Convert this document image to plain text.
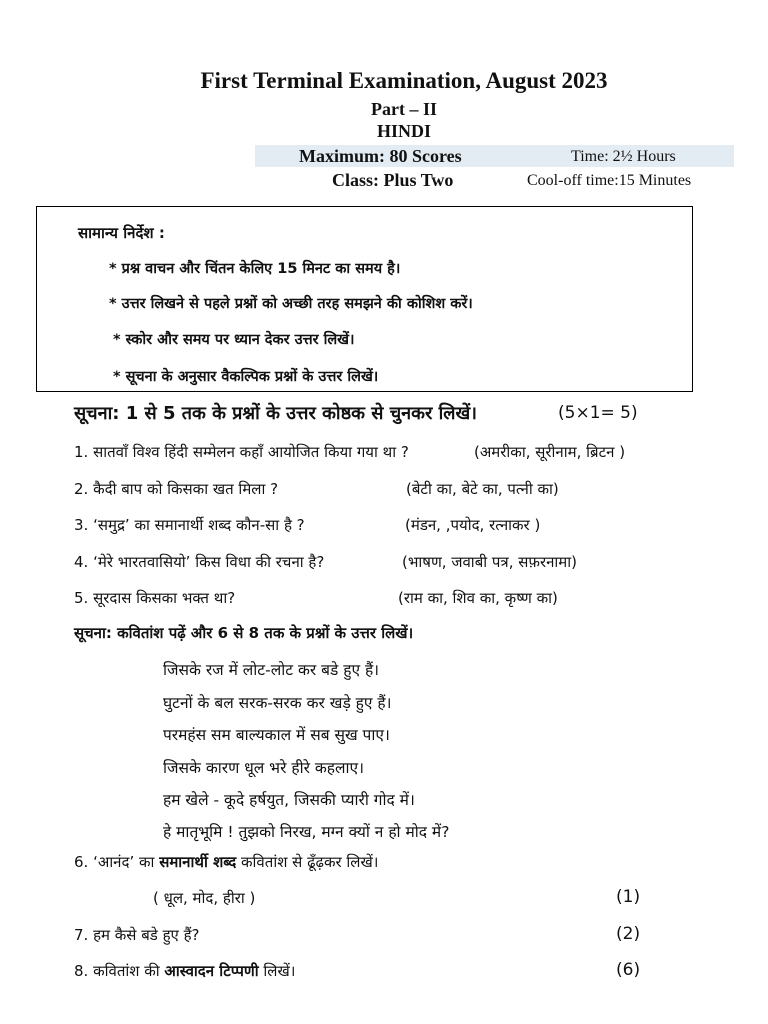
First Terminal Examination, August 2023
Part – II
HINDI
Maximum: 80 Scores	Time: 2½ Hours
Class: Plus Two	Cool-off time:15 Minutes
सामान्य निर्देश :
* प्रश्न वाचन और चिंतन केलिए 15 मिनट का समय है।
* उत्तर लिखने से पहले प्रश्नों को अच्छी तरह समझने की कोशिश करें।
* स्कोर और समय पर ध्यान देकर उत्तर लिखें।
* सूचना के अनुसार वैकल्पिक प्रश्नों के उत्तर लिखें।
सूचना: 1 से 5 तक के प्रश्नों के उत्तर कोष्ठक से चुनकर लिखें।	(5×1= 5)
1. सातवाँ विश्व हिंदी सम्मेलन कहाँ आयोजित किया गया था ?	(अमरीका, सूरीनाम, ब्रिटन )
2. कैदी बाप को किसका खत मिला ?	(बेटी का, बेटे का, पत्नी का)
3. ‘समुद्र’ का समानार्थी शब्द कौन-सा है ?	(मंडन, ,पयोद, रत्नाकर )
4. ‘मेरे भारतवासियो’ किस विधा की रचना है?	(भाषण, जवाबी पत्र, सफ़रनामा)
5. सूरदास किसका भक्त था?	(राम का, शिव का, कृष्ण का)
सूचना: कवितांश पढ़ें और 6 से 8 तक के प्रश्नों के उत्तर लिखें।
जिसके रज में लोट-लोट कर बडे हुए हैं।
घुटनों के बल सरक-सरक कर खड़े हुए हैं।
परमहंस सम बाल्यकाल में सब सुख पाए।
जिसके कारण धूल भरे हीरे कहलाए।
हम खेले - कूदे हर्षयुत, जिसकी प्यारी गोद में।
हे मातृभूमि ! तुझको निरख, मग्न क्यों न हो मोद में?
6. ‘आनंद’ का समानार्थी शब्द कवितांश से ढूँढ़कर लिखें।
( धूल, मोद, हीरा )	(1)
7. हम कैसे बडे हुए हैं?	(2)
8. कवितांश की आस्वादन टिप्पणी लिखें।	(6)
